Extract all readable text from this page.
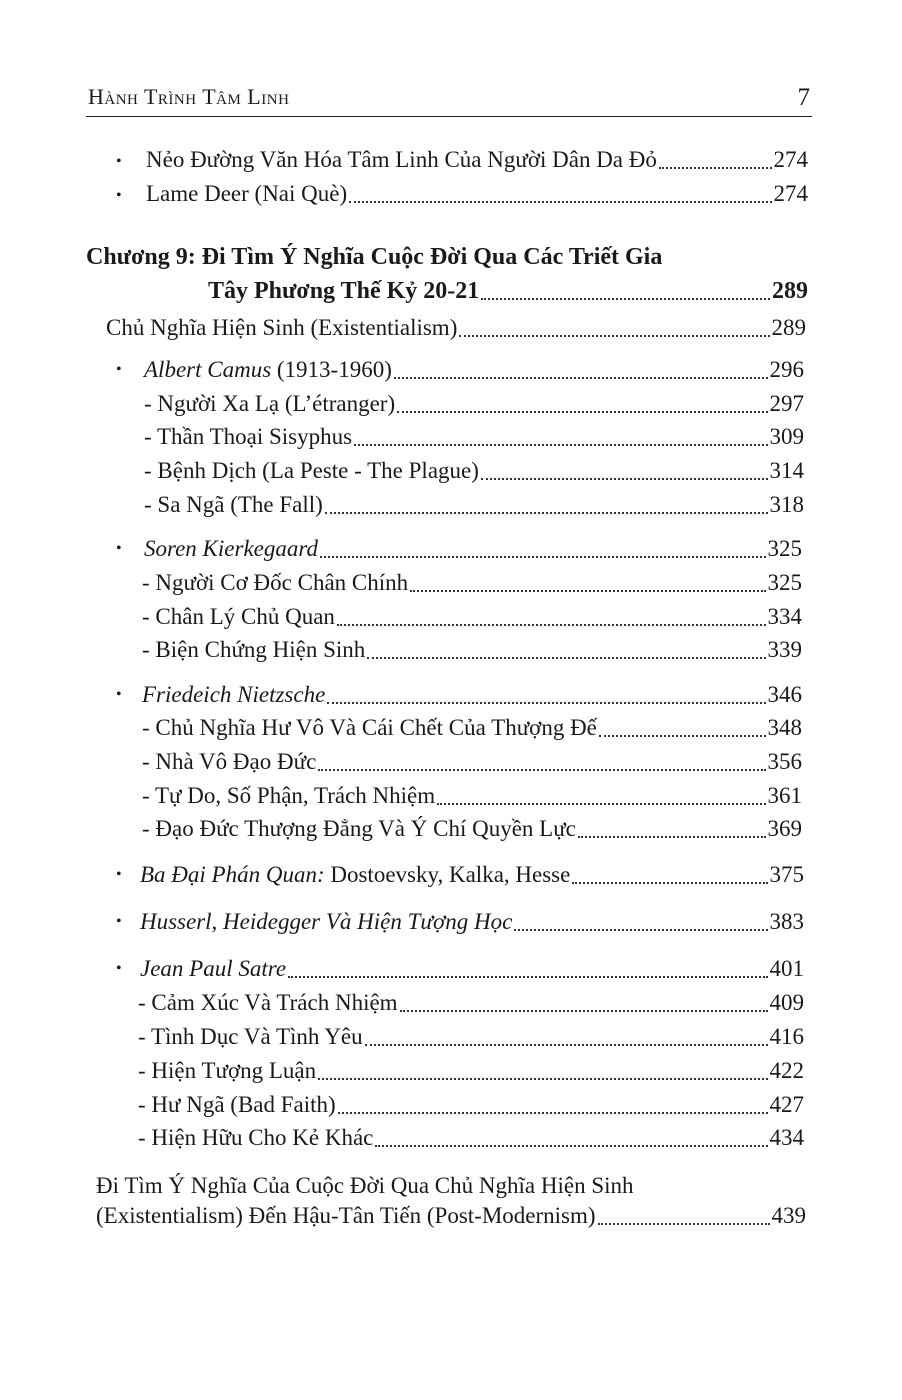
Hành Trình Tâm Linh	7
• Nẻo Đường Văn Hóa Tâm Linh Của Người Dân Da Đỏ	274
• Lame Deer (Nai Què)	274
Chương 9: Đi Tìm Ý Nghĩa Cuộc Đời Qua Các Triết Gia
Tây Phương Thế Kỷ 20-21	289
Chủ Nghĩa Hiện Sinh (Existentialism)	289
• Albert Camus (1913-1960)	296
- Người Xa Lạ (L’étranger)	297
- Thần Thoại Sisyphus	309
- Bệnh Dịch (La Peste - The Plague)	314
- Sa Ngã (The Fall)	318
• Soren Kierkegaard	325
- Người Cơ Đốc Chân Chính	325
- Chân Lý Chủ Quan	334
- Biện Chứng Hiện Sinh	339
• Friedeich Nietzsche	346
- Chủ Nghĩa Hư Vô Và Cái Chết Của Thượng Đế	348
- Nhà Vô Đạo Đức	356
- Tự Do, Số Phận, Trách Nhiệm	361
- Đạo Đức Thượng Đẳng Và Ý Chí Quyền Lực	369
• Ba Đại Phán Quan: Dostoevsky, Kalka, Hesse	375
• Husserl, Heidegger Và Hiện Tượng Học	383
• Jean Paul Satre	401
- Cảm Xúc Và Trách Nhiệm	409
- Tình Dục Và Tình Yêu	416
- Hiện Tượng Luận	422
- Hư Ngã (Bad Faith)	427
- Hiện Hữu Cho Kẻ Khác	434
Đi Tìm Ý Nghĩa Của Cuộc Đời Qua Chủ Nghĩa Hiện Sinh
(Existentialism) Đến Hậu-Tân Tiến (Post-Modernism)	439
